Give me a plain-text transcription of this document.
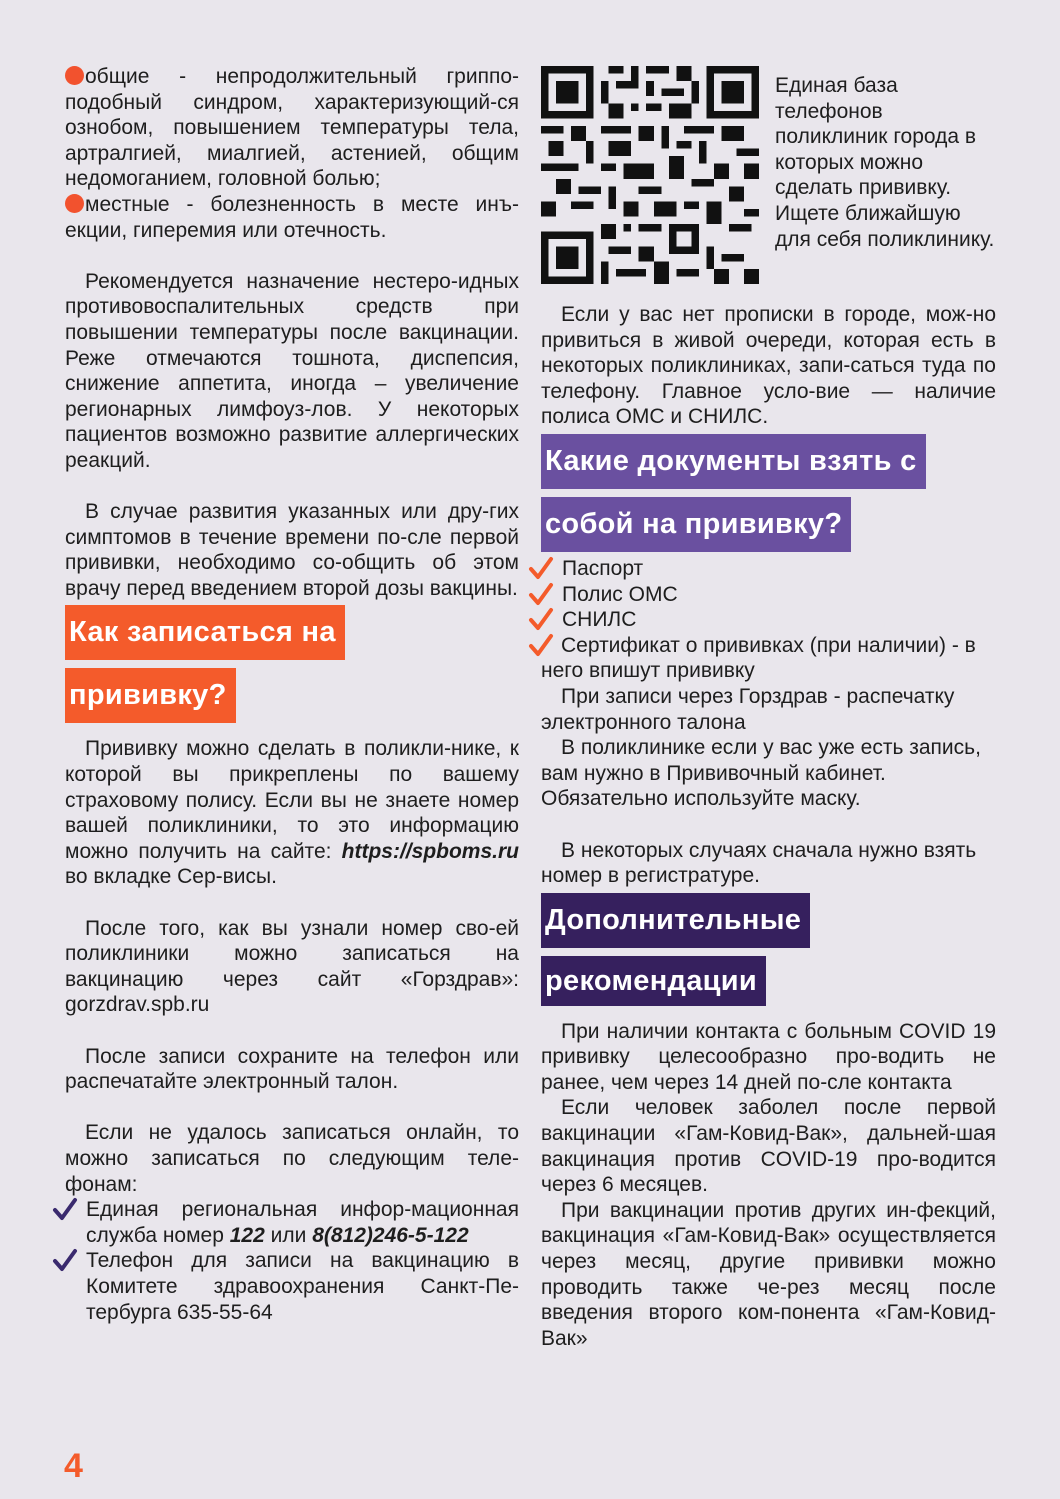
общие - непродолжительный гриппо-подобный синдром, характеризующий-ся ознобом, повышением температуры тела, артралгией, миалгией, астенией, общим недомоганием, головной болью;

местные - болезненность в месте инъ-екции, гиперемия или отечность.

Рекомендуется назначение нестеро-идных противовоспалительных средств при повышении температуры после вакцинации. Реже отмечаются тошнота, диспепсия, снижение аппетита, иногда – увеличение регионарных лимфоуз-лов. У некоторых пациентов возможно развитие аллергических реакций.

В случае развития указанных или дру-гих симптомов в течение времени по-сле первой прививки, необходимо со-общить об этом врачу перед введением второй дозы вакцины.

Как записаться на
прививку?

Прививку можно сделать в поликли-нике, к которой вы прикреплены по вашему страховому полису. Если вы не знаете номер вашей поликлиники, то это информацию можно получить на сайте: https://spboms.ru во вкладке Сер-висы.

После того, как вы узнали номер сво-ей поликлиники можно записаться на вакцинацию через сайт «Горздрав»: gorzdrav.spb.ru

После записи сохраните на телефон или распечатайте электронный талон.

Если не удалось записаться онлайн, то можно записаться по следующим теле-фонам:

Единая региональная инфор-мационная служба номер 122 или 8(812)246-5-122

Телефон для записи на вакцинацию в Комитете здравоохранения Санкт-Пе-тербурга 635-55-64

Единая база телефонов поликлиник города в которых можно сделать прививку. Ищете ближайшую для себя поликлинику.

Если у вас нет прописки в городе, мож-но привиться в живой очереди, которая есть в некоторых поликлиниках, запи-саться туда по телефону. Главное усло-вие — наличие полиса ОМС и СНИЛС.

Какие документы взять с
собой на прививку?

Паспорт

Полис ОМС

СНИЛС

Сертификат о прививках (при наличии) - в него впишут прививку

При записи через Горздрав - распечатку электронного талона

В поликлинике если у вас уже есть запись, вам нужно в Прививочный кабинет. Обязательно используйте маску.

В некоторых случаях сначала нужно взять номер в регистратуре.

Дополнительные
рекомендации

При наличии контакта с больным COVID 19 прививку целесообразно про-водить не ранее, чем через 14 дней по-сле контакта

Если человек заболел после первой вакцинации «Гам-Ковид-Вак», дальней-шая вакцинация против COVID-19 про-водится через 6 месяцев.

При вакцинации против других ин-фекций, вакцинация «Гам-Ковид-Вак» осуществляется через месяц, другие прививки можно проводить также че-рез месяц после введения второго ком-понента «Гам-Ковид-Вак»

4
